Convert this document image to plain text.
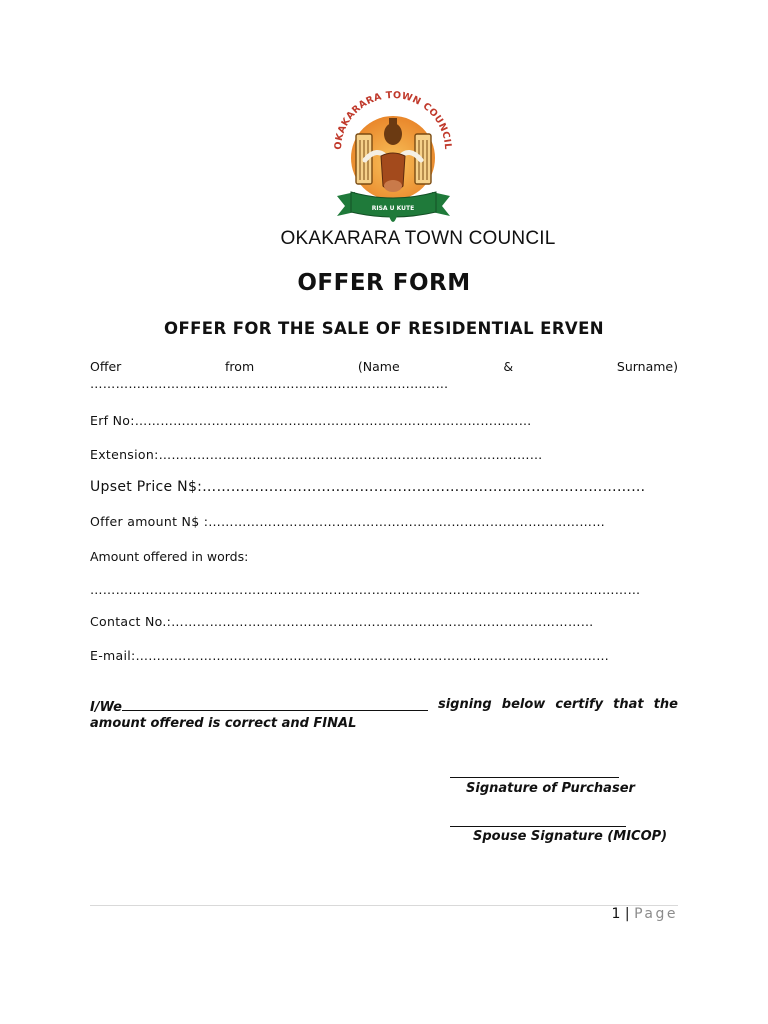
OKAKARARA TOWN COUNCIL
RISA U KUTE
OKAKARARA TOWN COUNCIL
OFFER FORM
OFFER FOR THE SALE OF RESIDENTIAL ERVEN
Offer	from	(Name	&	Surname)
…………………………………………………………………………
Erf No:…………………………………………………………………………………
Extension:………………………………………………………………………………
Upset Price N$:…………………………………………………………………………………
Offer amount N$ :…………………………………………………………………………………
Amount offered in words:
…………………………………………………………………………………………………………………
Contact No.:………………………………………………………………………………………
E-mail:…………………………………………………………………………………………………
I/We	signing below certify that the
amount offered is correct and FINAL
Signature of Purchaser
Spouse Signature (MICOP)
1 | Page
